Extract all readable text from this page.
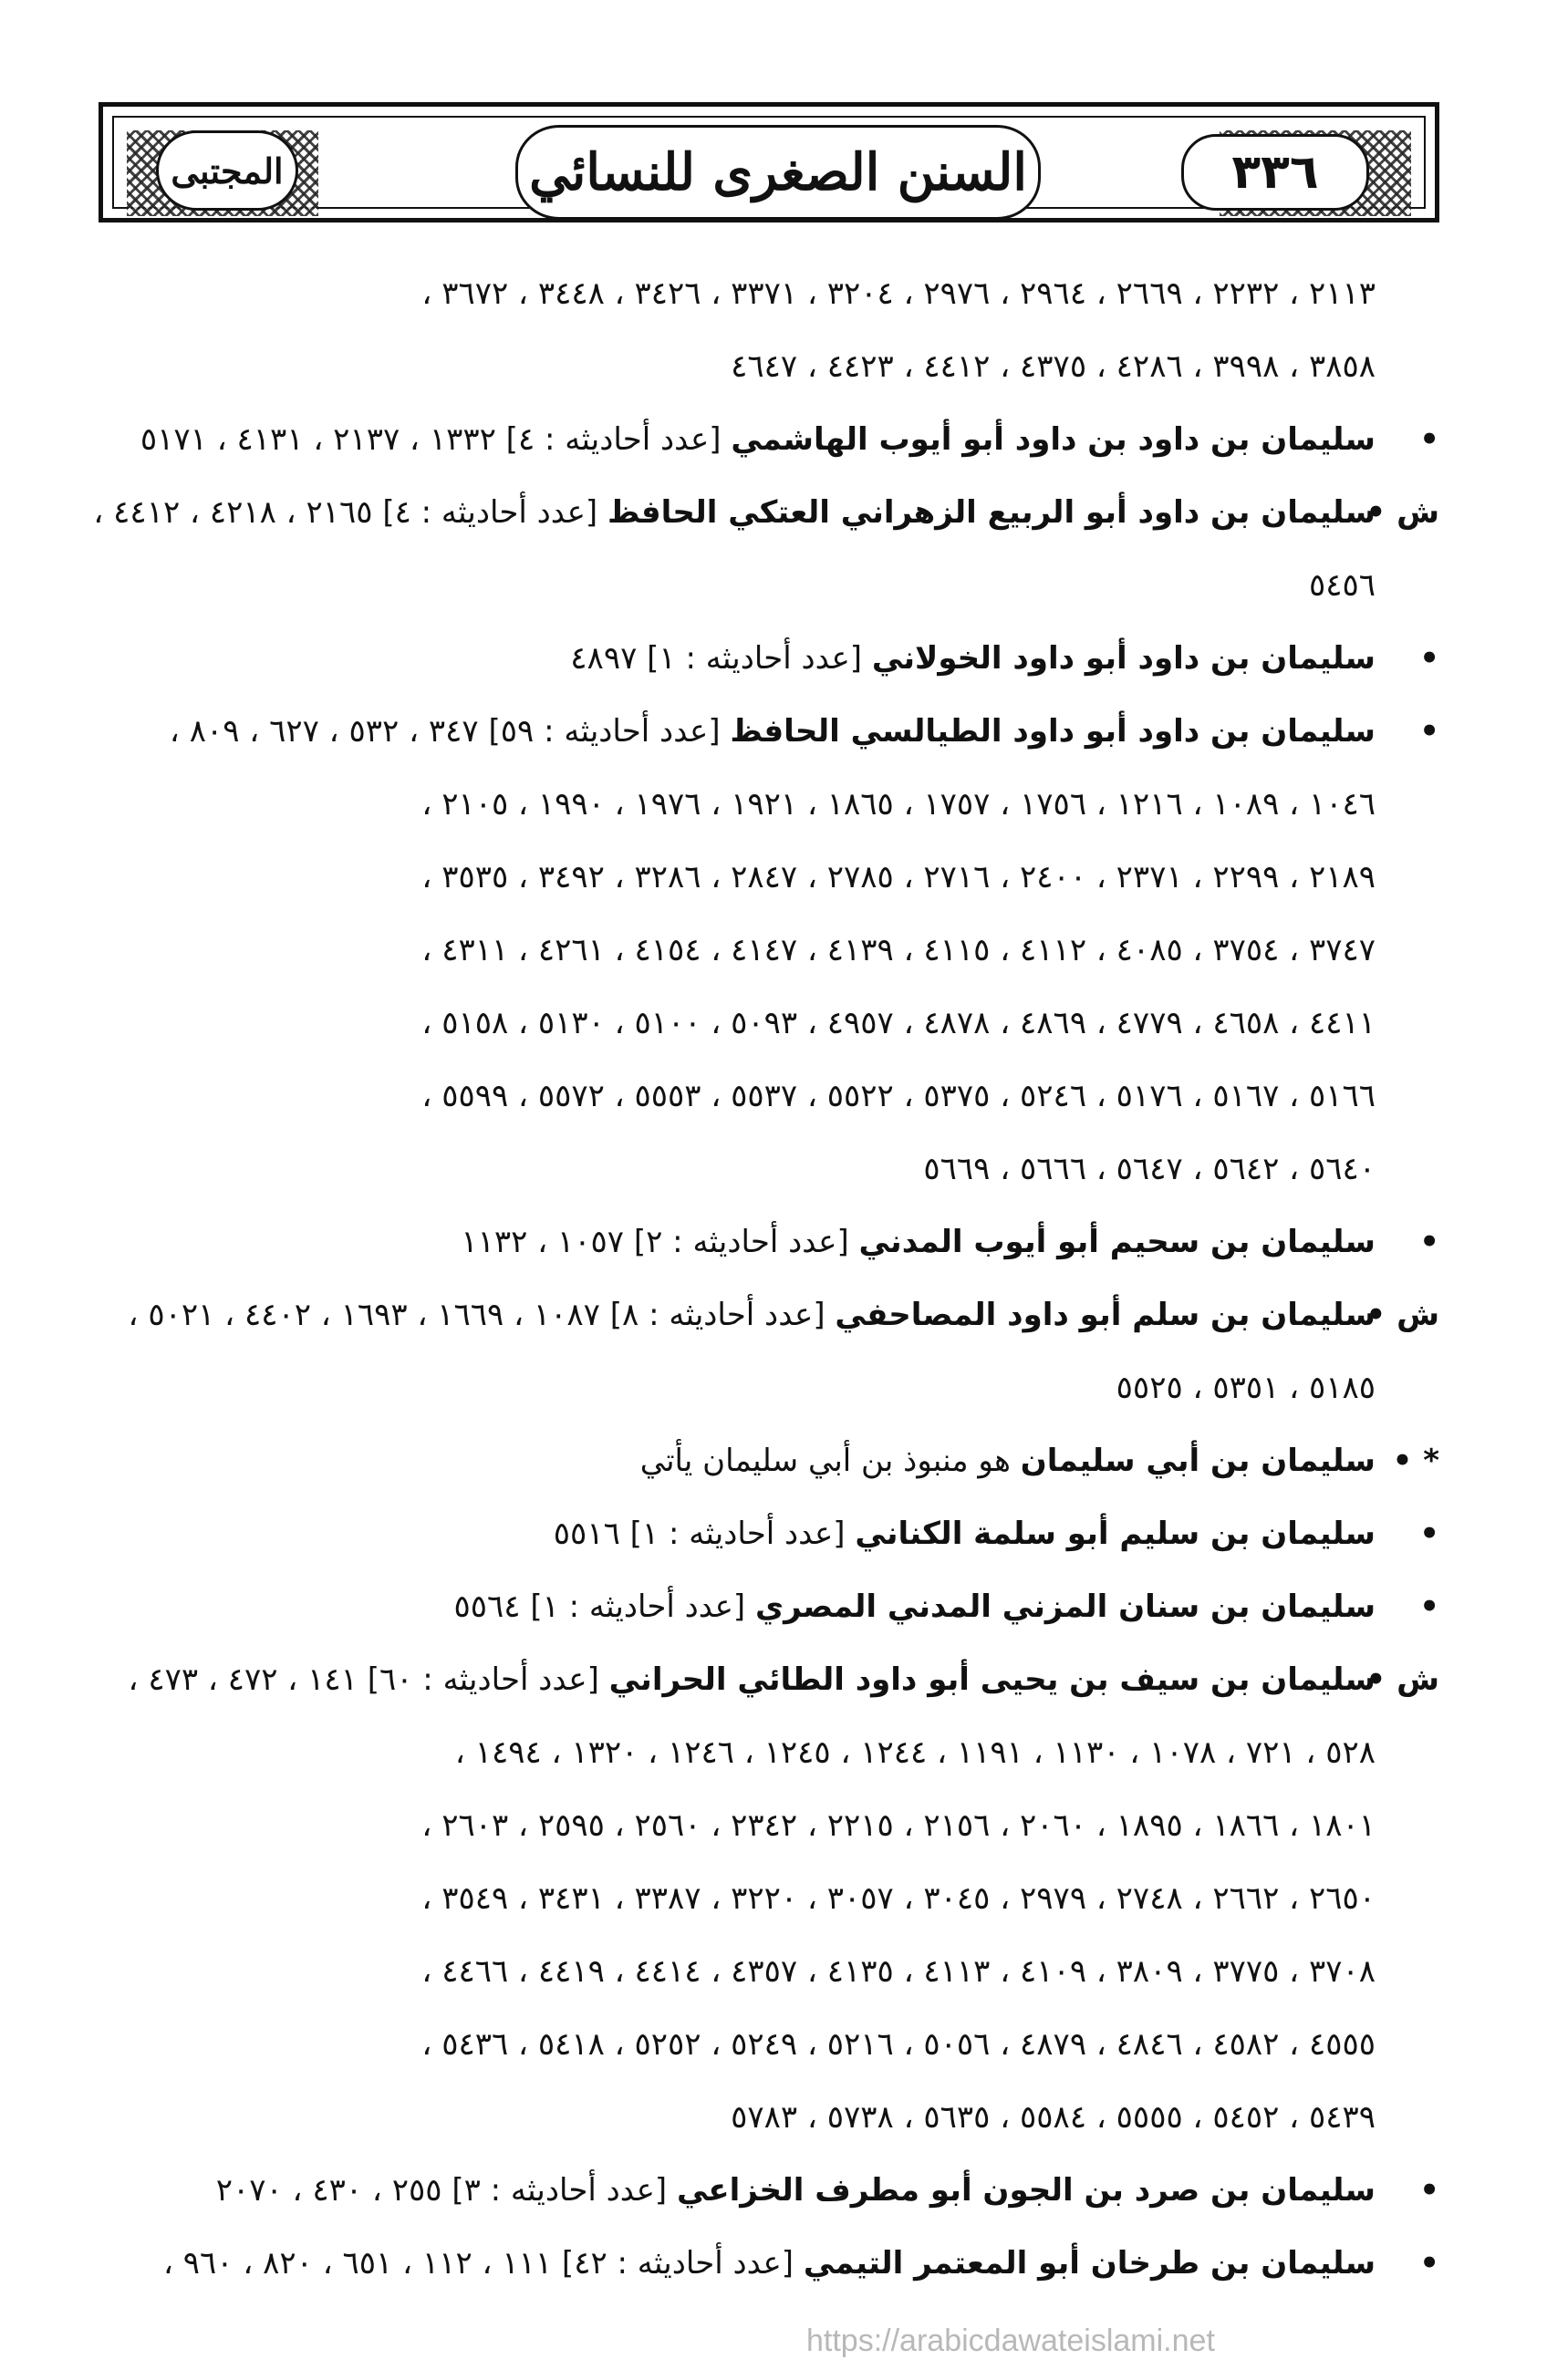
المجتبى	السنن الصغرى للنسائي	٣٣٦
٢١١٣ ، ٢٢٣٢ ، ٢٦٦٩ ، ٢٩٦٤ ، ٢٩٧٦ ، ٣٢٠٤ ، ٣٣٧١ ، ٣٤٢٦ ، ٣٤٤٨ ، ٣٦٧٢ ،
٣٨٥٨ ، ٣٩٩٨ ، ٤٢٨٦ ، ٤٣٧٥ ، ٤٤١٢ ، ٤٤٢٣ ، ٤٦٤٧
•سليمان بن داود بن داود أبو أيوب الهاشمي [عدد أحاديثه : ٤] ١٣٣٢ ، ٢١٣٧ ، ٤١٣١ ، ٥١٧١
ش •سليمان بن داود أبو الربيع الزهراني العتكي الحافظ [عدد أحاديثه : ٤] ٢١٦٥ ، ٤٢١٨ ، ٤٤١٢ ،
٥٤٥٦
•سليمان بن داود أبو داود الخولاني [عدد أحاديثه : ١] ٤٨٩٧
•سليمان بن داود أبو داود الطيالسي الحافظ [عدد أحاديثه : ٥٩] ٣٤٧ ، ٥٣٢ ، ٦٢٧ ، ٨٠٩ ،
١٠٤٦ ، ١٠٨٩ ، ١٢١٦ ، ١٧٥٦ ، ١٧٥٧ ، ١٨٦٥ ، ١٩٢١ ، ١٩٧٦ ، ١٩٩٠ ، ٢١٠٥ ،
٢١٨٩ ، ٢٢٩٩ ، ٢٣٧١ ، ٢٤٠٠ ، ٢٧١٦ ، ٢٧٨٥ ، ٢٨٤٧ ، ٣٢٨٦ ، ٣٤٩٢ ، ٣٥٣٥ ،
٣٧٤٧ ، ٣٧٥٤ ، ٤٠٨٥ ، ٤١١٢ ، ٤١١٥ ، ٤١٣٩ ، ٤١٤٧ ، ٤١٥٤ ، ٤٢٦١ ، ٤٣١١ ،
٤٤١١ ، ٤٦٥٨ ، ٤٧٧٩ ، ٤٨٦٩ ، ٤٨٧٨ ، ٤٩٥٧ ، ٥٠٩٣ ، ٥١٠٠ ، ٥١٣٠ ، ٥١٥٨ ،
٥١٦٦ ، ٥١٦٧ ، ٥١٧٦ ، ٥٢٤٦ ، ٥٣٧٥ ، ٥٥٢٢ ، ٥٥٣٧ ، ٥٥٥٣ ، ٥٥٧٢ ، ٥٥٩٩ ،
٥٦٤٠ ، ٥٦٤٢ ، ٥٦٤٧ ، ٥٦٦٦ ، ٥٦٦٩
•سليمان بن سحيم أبو أيوب المدني [عدد أحاديثه : ٢] ١٠٥٧ ، ١١٣٢
ش •سليمان بن سلم أبو داود المصاحفي [عدد أحاديثه : ٨] ١٠٨٧ ، ١٦٦٩ ، ١٦٩٣ ، ٤٤٠٢ ، ٥٠٢١ ،
٥١٨٥ ، ٥٣٥١ ، ٥٥٢٥
* •سليمان بن أبي سليمان هو منبوذ بن أبي سليمان يأتي
•سليمان بن سليم أبو سلمة الكناني [عدد أحاديثه : ١] ٥٥١٦
•سليمان بن سنان المزني المدني المصري [عدد أحاديثه : ١] ٥٥٦٤
ش •سليمان بن سيف بن يحيى أبو داود الطائي الحراني [عدد أحاديثه : ٦٠] ١٤١ ، ٤٧٢ ، ٤٧٣ ،
٥٢٨ ، ٧٢١ ، ١٠٧٨ ، ١١٣٠ ، ١١٩١ ، ١٢٤٤ ، ١٢٤٥ ، ١٢٤٦ ، ١٣٢٠ ، ١٤٩٤ ،
١٨٠١ ، ١٨٦٦ ، ١٨٩٥ ، ٢٠٦٠ ، ٢١٥٦ ، ٢٢١٥ ، ٢٣٤٢ ، ٢٥٦٠ ، ٢٥٩٥ ، ٢٦٠٣ ،
٢٦٥٠ ، ٢٦٦٢ ، ٢٧٤٨ ، ٢٩٧٩ ، ٣٠٤٥ ، ٣٠٥٧ ، ٣٢٢٠ ، ٣٣٨٧ ، ٣٤٣١ ، ٣٥٤٩ ،
٣٧٠٨ ، ٣٧٧٥ ، ٣٨٠٩ ، ٤١٠٩ ، ٤١١٣ ، ٤١٣٥ ، ٤٣٥٧ ، ٤٤١٤ ، ٤٤١٩ ، ٤٤٦٦ ،
٤٥٥٥ ، ٤٥٨٢ ، ٤٨٤٦ ، ٤٨٧٩ ، ٥٠٥٦ ، ٥٢١٦ ، ٥٢٤٩ ، ٥٢٥٢ ، ٥٤١٨ ، ٥٤٣٦ ،
٥٤٣٩ ، ٥٤٥٢ ، ٥٥٥٥ ، ٥٥٨٤ ، ٥٦٣٥ ، ٥٧٣٨ ، ٥٧٨٣
•سليمان بن صرد بن الجون أبو مطرف الخزاعي [عدد أحاديثه : ٣] ٢٥٥ ، ٤٣٠ ، ٢٠٧٠
•سليمان بن طرخان أبو المعتمر التيمي [عدد أحاديثه : ٤٢] ١١١ ، ١١٢ ، ٦٥١ ، ٨٢٠ ، ٩٦٠ ،
https://arabicdawateislami.net
